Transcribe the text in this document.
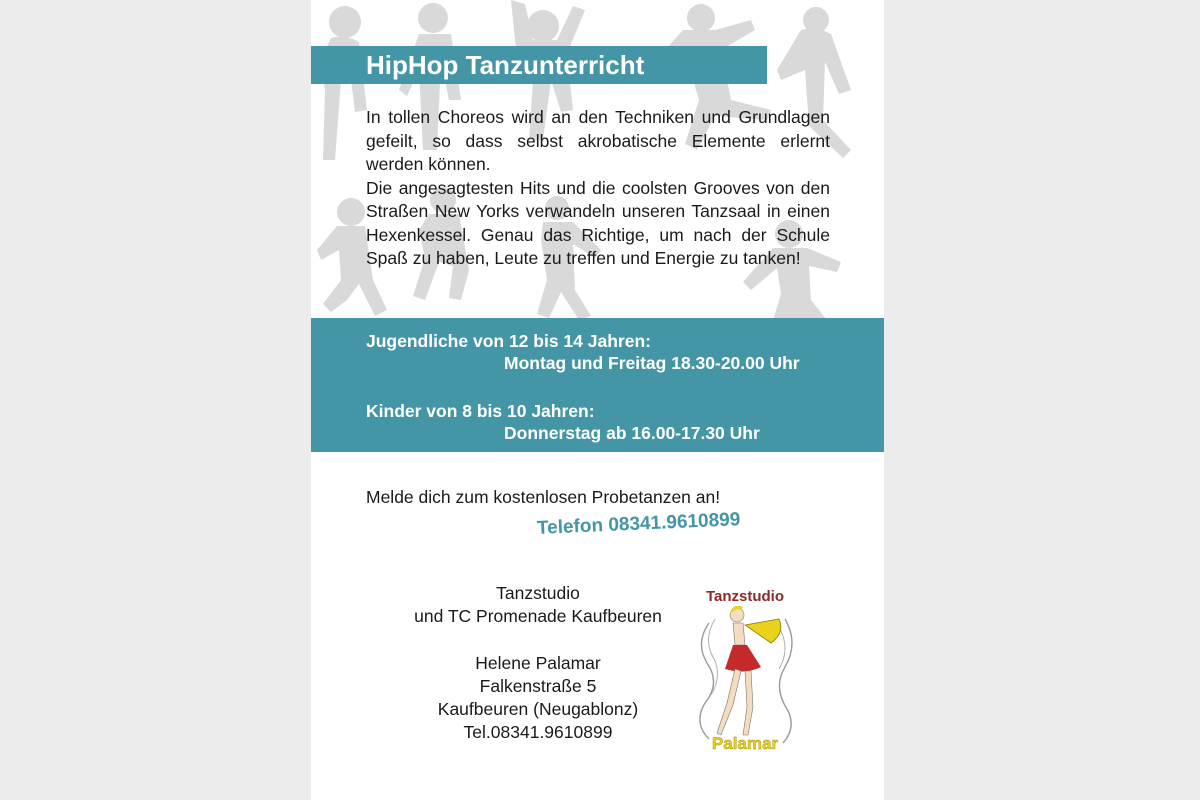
HipHop Tanzunterricht

In tollen Choreos wird an den Techniken und Grundlagen gefeilt, so dass selbst akrobatische Elemente erlernt werden können.

Die angesagtesten Hits und die coolsten Grooves von den Straßen New Yorks verwandeln unseren Tanzsaal in einen Hexenkessel. Genau das Richtige, um nach der Schule Spaß zu haben, Leute zu treffen und Energie zu tanken!

Jugendliche von 12 bis 14 Jahren:
Montag und Freitag 18.30-20.00 Uhr
Kinder von 8 bis 10 Jahren:
Donnerstag ab 16.00-17.30 Uhr
Melde dich zum kostenlosen Probetanzen an!
Telefon 08341.9610899
Tanzstudio
und TC Promenade Kaufbeuren
Helene Palamar
Falkenstraße 5
Kaufbeuren (Neugablonz)
Tel.08341.9610899
Tanzstudio
Palamar
